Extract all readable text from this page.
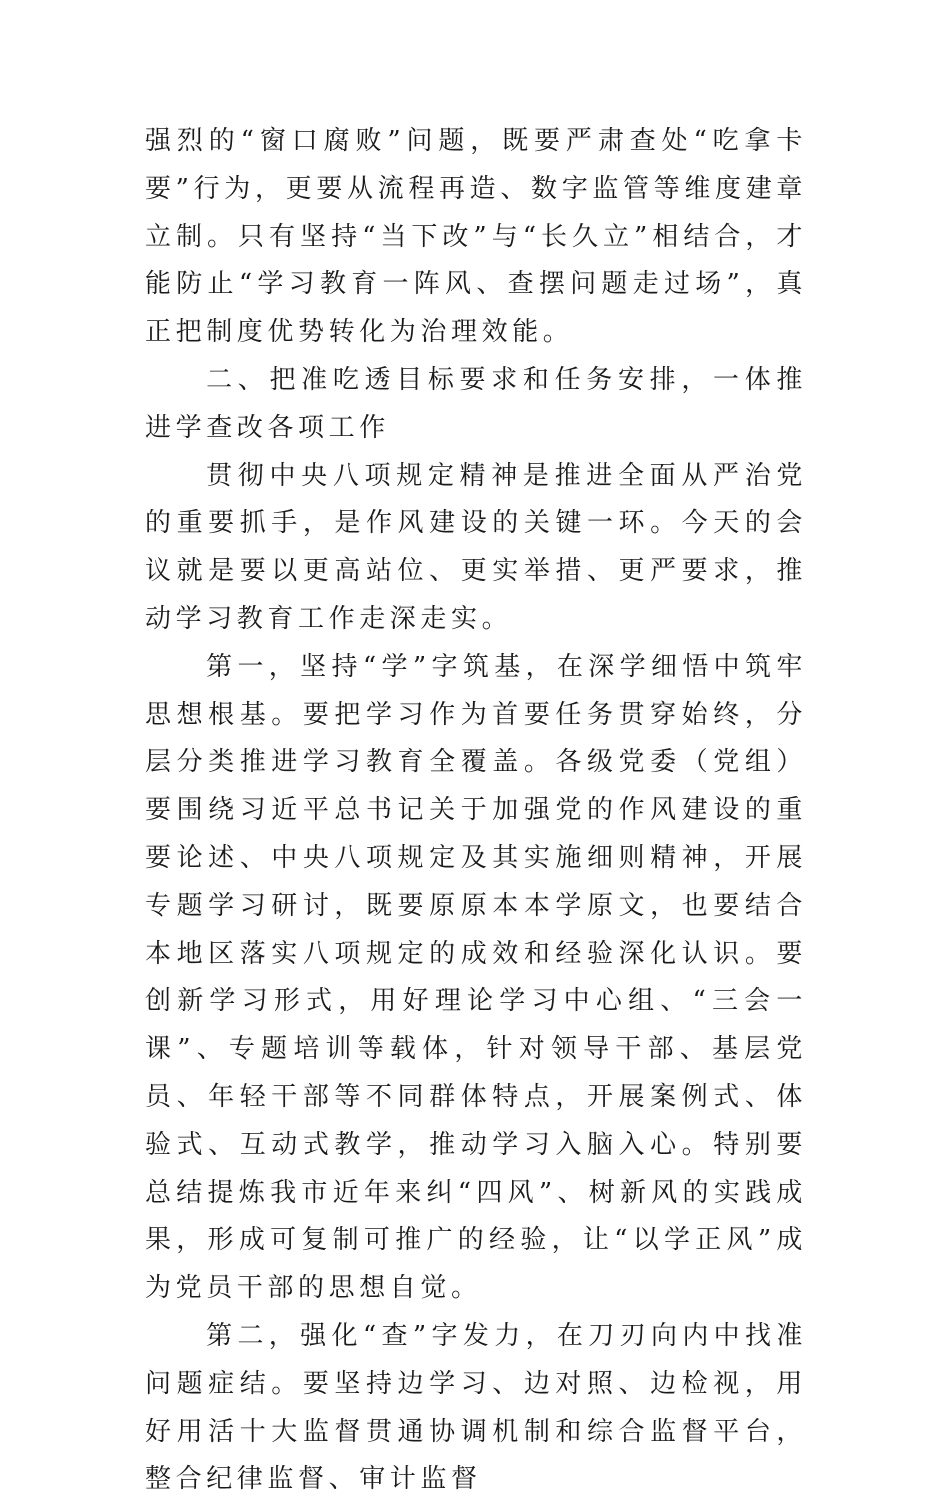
强烈的“窗口腐败”问题，既要严肃查处“吃拿卡要”行为，更要从流程再造、数字监管等维度建章立制。只有坚持“当下改”与“长久立”相结合，才能防止“学习教育一阵风、查摆问题走过场”，真正把制度优势转化为治理效能。

二、把准吃透目标要求和任务安排，一体推进学查改各项工作

贯彻中央八项规定精神是推进全面从严治党的重要抓手，是作风建设的关键一环。今天的会议就是要以更高站位、更实举措、更严要求，推动学习教育工作走深走实。

第一，坚持“学”字筑基，在深学细悟中筑牢思想根基。要把学习作为首要任务贯穿始终，分层分类推进学习教育全覆盖。各级党委（党组）要围绕习近平总书记关于加强党的作风建设的重要论述、中央八项规定及其实施细则精神，开展专题学习研讨，既要原原本本学原文，也要结合本地区落实八项规定的成效和经验深化认识。要创新学习形式，用好理论学习中心组、“三会一课”、专题培训等载体，针对领导干部、基层党员、年轻干部等不同群体特点，开展案例式、体验式、互动式教学，推动学习入脑入心。特别要总结提炼我市近年来纠“四风”、树新风的实践成果，形成可复制可推广的经验，让“以学正风”成为党员干部的思想自觉。

第二，强化“查”字发力，在刀刃向内中找准问题症结。要坚持边学习、边对照、边检视，用好用活十大监督贯通协调机制和综合监督平台，整合纪律监督、审计监督
